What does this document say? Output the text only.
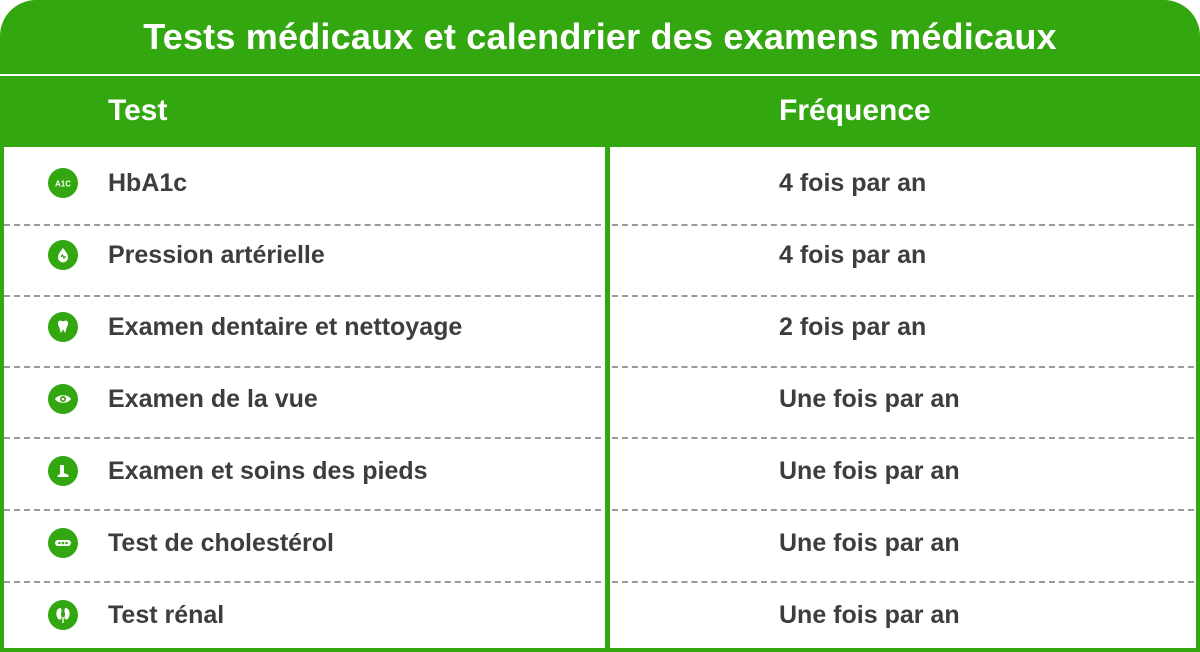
Tests médicaux et calendrier des examens médicaux
Test	Fréquence
A1C HbA1c	4 fois par an
Pression artérielle	4 fois par an
Examen dentaire et nettoyage	2 fois par an
Examen de la vue	Une fois par an
Examen et soins des pieds	Une fois par an
Test de cholestérol	Une fois par an
Test rénal	Une fois par an
